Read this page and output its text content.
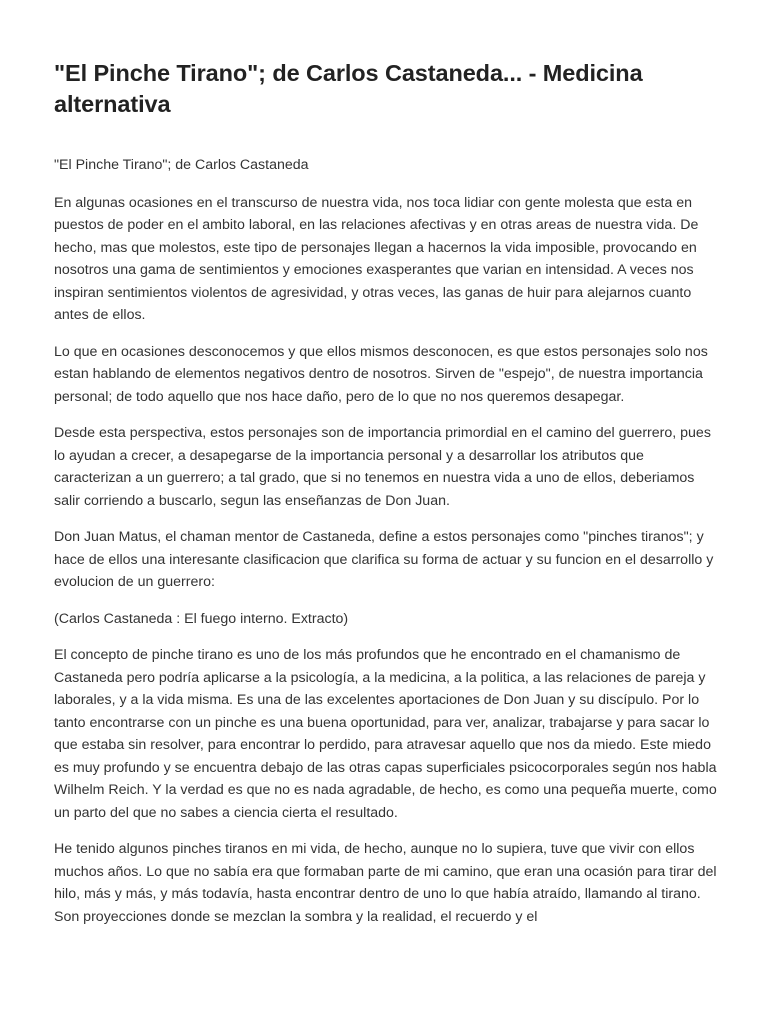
"El Pinche Tirano"; de Carlos Castaneda... - Medicina alternativa

"El Pinche Tirano"; de Carlos Castaneda

En algunas ocasiones en el transcurso de nuestra vida, nos toca lidiar con gente molesta que esta en puestos de poder en el ambito laboral, en las relaciones afectivas y en otras areas de nuestra vida. De hecho, mas que molestos, este tipo de personajes llegan a hacernos la vida imposible, provocando en nosotros una gama de sentimientos y emociones exasperantes que varian en intensidad. A veces nos inspiran sentimientos violentos de agresividad, y otras veces, las ganas de huir para alejarnos cuanto antes de ellos.

Lo que en ocasiones desconocemos y que ellos mismos desconocen, es que estos personajes solo nos estan hablando de elementos negativos dentro de nosotros. Sirven de "espejo", de nuestra importancia personal; de todo aquello que nos hace daño, pero de lo que no nos queremos desapegar.

Desde esta perspectiva, estos personajes son de importancia primordial en el camino del guerrero, pues lo ayudan a crecer, a desapegarse de la importancia personal y a desarrollar los atributos que caracterizan a un guerrero; a tal grado, que si no tenemos en nuestra vida a uno de ellos, deberiamos salir corriendo a buscarlo, segun las enseñanzas de Don Juan.

Don Juan Matus, el chaman mentor de Castaneda, define a estos personajes como "pinches tiranos"; y hace de ellos una interesante clasificacion que clarifica su forma de actuar y su funcion en el desarrollo y evolucion de un guerrero:

(Carlos Castaneda : El fuego interno. Extracto)

El concepto de pinche tirano es uno de los más profundos que he encontrado en el chamanismo de Castaneda pero podría aplicarse a la psicología, a la medicina, a la politica, a las relaciones de pareja y laborales, y a la vida misma. Es una de las excelentes aportaciones de Don Juan y su discípulo. Por lo tanto encontrarse con un pinche es una buena oportunidad, para ver, analizar, trabajarse y para sacar lo que estaba sin resolver, para encontrar lo perdido, para atravesar aquello que nos da miedo. Este miedo es muy profundo y se encuentra debajo de las otras capas superficiales psicocorporales según nos habla Wilhelm Reich. Y la verdad es que no es nada agradable, de hecho, es como una pequeña muerte, como un parto del que no sabes a ciencia cierta el resultado.

He tenido algunos pinches tiranos en mi vida, de hecho, aunque no lo supiera, tuve que vivir con ellos muchos años. Lo que no sabía era que formaban parte de mi camino, que eran una ocasión para tirar del hilo, más y más, y más todavía, hasta encontrar dentro de uno lo que había atraído, llamando al tirano. Son proyecciones donde se mezclan la sombra y la realidad, el recuerdo y el
